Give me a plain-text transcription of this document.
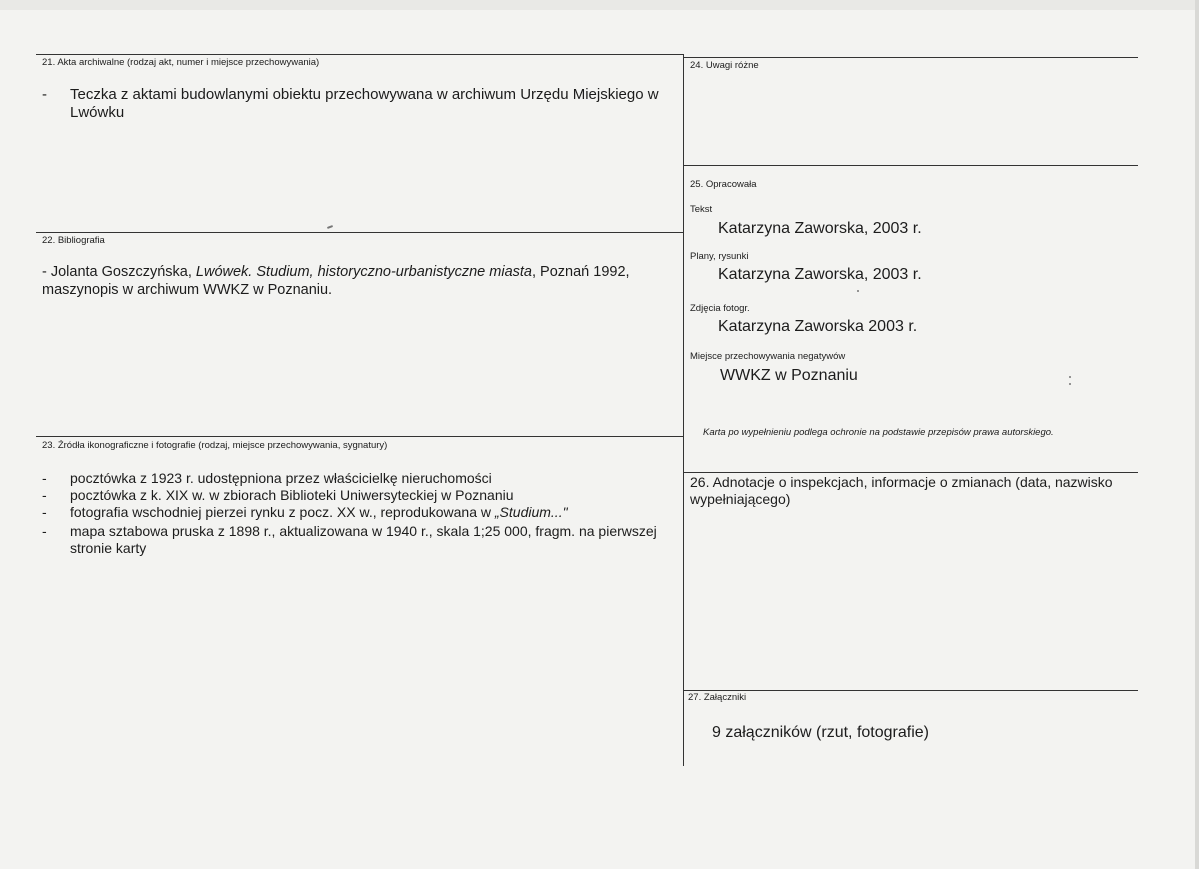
21. Akta archiwalne (rodzaj akt, numer i miejsce przechowywania)
- Teczka z aktami budowlanymi obiektu przechowywana w archiwum Urzędu Miejskiego w Lwówku
22. Bibliografia
- Jolanta Goszczyńska, Lwówek. Studium, historyczno-urbanistyczne miasta, Poznań 1992, maszynopis w archiwum WWKZ w Poznaniu.
23. Źródła ikonograficzne i fotografie (rodzaj, miejsce przechowywania, sygnatury)
- pocztówka z 1923 r. udostępniona przez właścicielkę nieruchomości
- pocztówka z k. XIX w. w zbiorach Biblioteki Uniwersyteckiej w Poznaniu
- fotografia wschodniej pierzei rynku z pocz. XX w., reprodukowana w „Studium..."
- mapa sztabowa pruska z 1898 r., aktualizowana w 1940 r., skala 1;25 000, fragm. na pierwszej stronie karty
24. Uwagi różne
25. Opracowała
Tekst
Katarzyna Zaworska, 2003 r.
Plany, rysunki
Katarzyna Zaworska, 2003 r.
Zdjęcia fotogr.
Katarzyna Zaworska 2003 r.
Miejsce przechowywania negatywów
WWKZ w Poznaniu
Karta po wypełnieniu podlega ochronie na podstawie przepisów prawa autorskiego.
26. Adnotacje o inspekcjach, informacje o zmianach (data, nazwisko wypełniającego)
27. Załączniki
9 załączników (rzut, fotografie)
